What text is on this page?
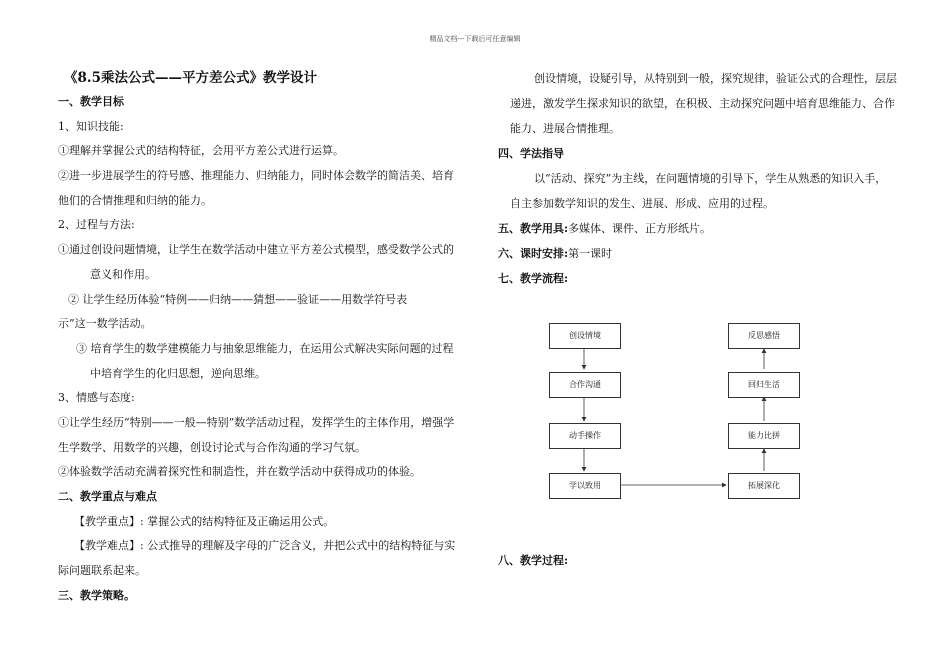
精品文档---下载后可任意编辑
《8.5乘法公式——平方差公式》教学设计
一、教学目标
1、知识技能:
①理解并掌握公式的结构特征，会用平方差公式进行运算。
②进一步进展学生的符号感、推理能力、归纳能力，同时体会数学的简洁美、培育
他们的合情推理和归纳的能力。
2、过程与方法:
①通过创设问题情境，让学生在数学活动中建立平方差公式模型，感受数学公式的
意义和作用。
② 让学生经历体验“特例——归纳——猜想——验证——用数学符号表
示”这一数学活动。
③ 培育学生的数学建模能力与抽象思维能力，在运用公式解决实际问题的过程
中培育学生的化归思想，逆向思维。
3、情感与态度:
①让学生经历“特别——一般—特别”数学活动过程，发挥学生的主体作用，增强学
生学数学、用数学的兴趣，创设讨论式与合作沟通的学习气氛。
②体验数学活动充满着探究性和制造性，并在数学活动中获得成功的体验。
二、教学重点与难点
【教学重点】: 掌握公式的结构特征及正确运用公式。
【教学难点】: 公式推导的理解及字母的广泛含义，并把公式中的结构特征与实
际问题联系起来。
三、教学策略。
创设情境，设疑引导，从特别到一般，探究规律，验证公式的合理性，层层
递进，激发学生探求知识的欲望，在积极、主动探究问题中培育思维能力、合作
能力、进展合情推理。
四、学法指导
以“活动、探究”为主线，在问题情境的引导下，学生从熟悉的知识入手，
自主参加数学知识的发生、进展、形成、应用的过程。
五、教学用具:多媒体、课件、正方形纸片。
六、课时安排:第一课时
七、教学流程:
创设情境
合作沟通
动手操作
学以致用	拓展深化
能力比拼
回归生活
反思感悟
八、教学过程:
